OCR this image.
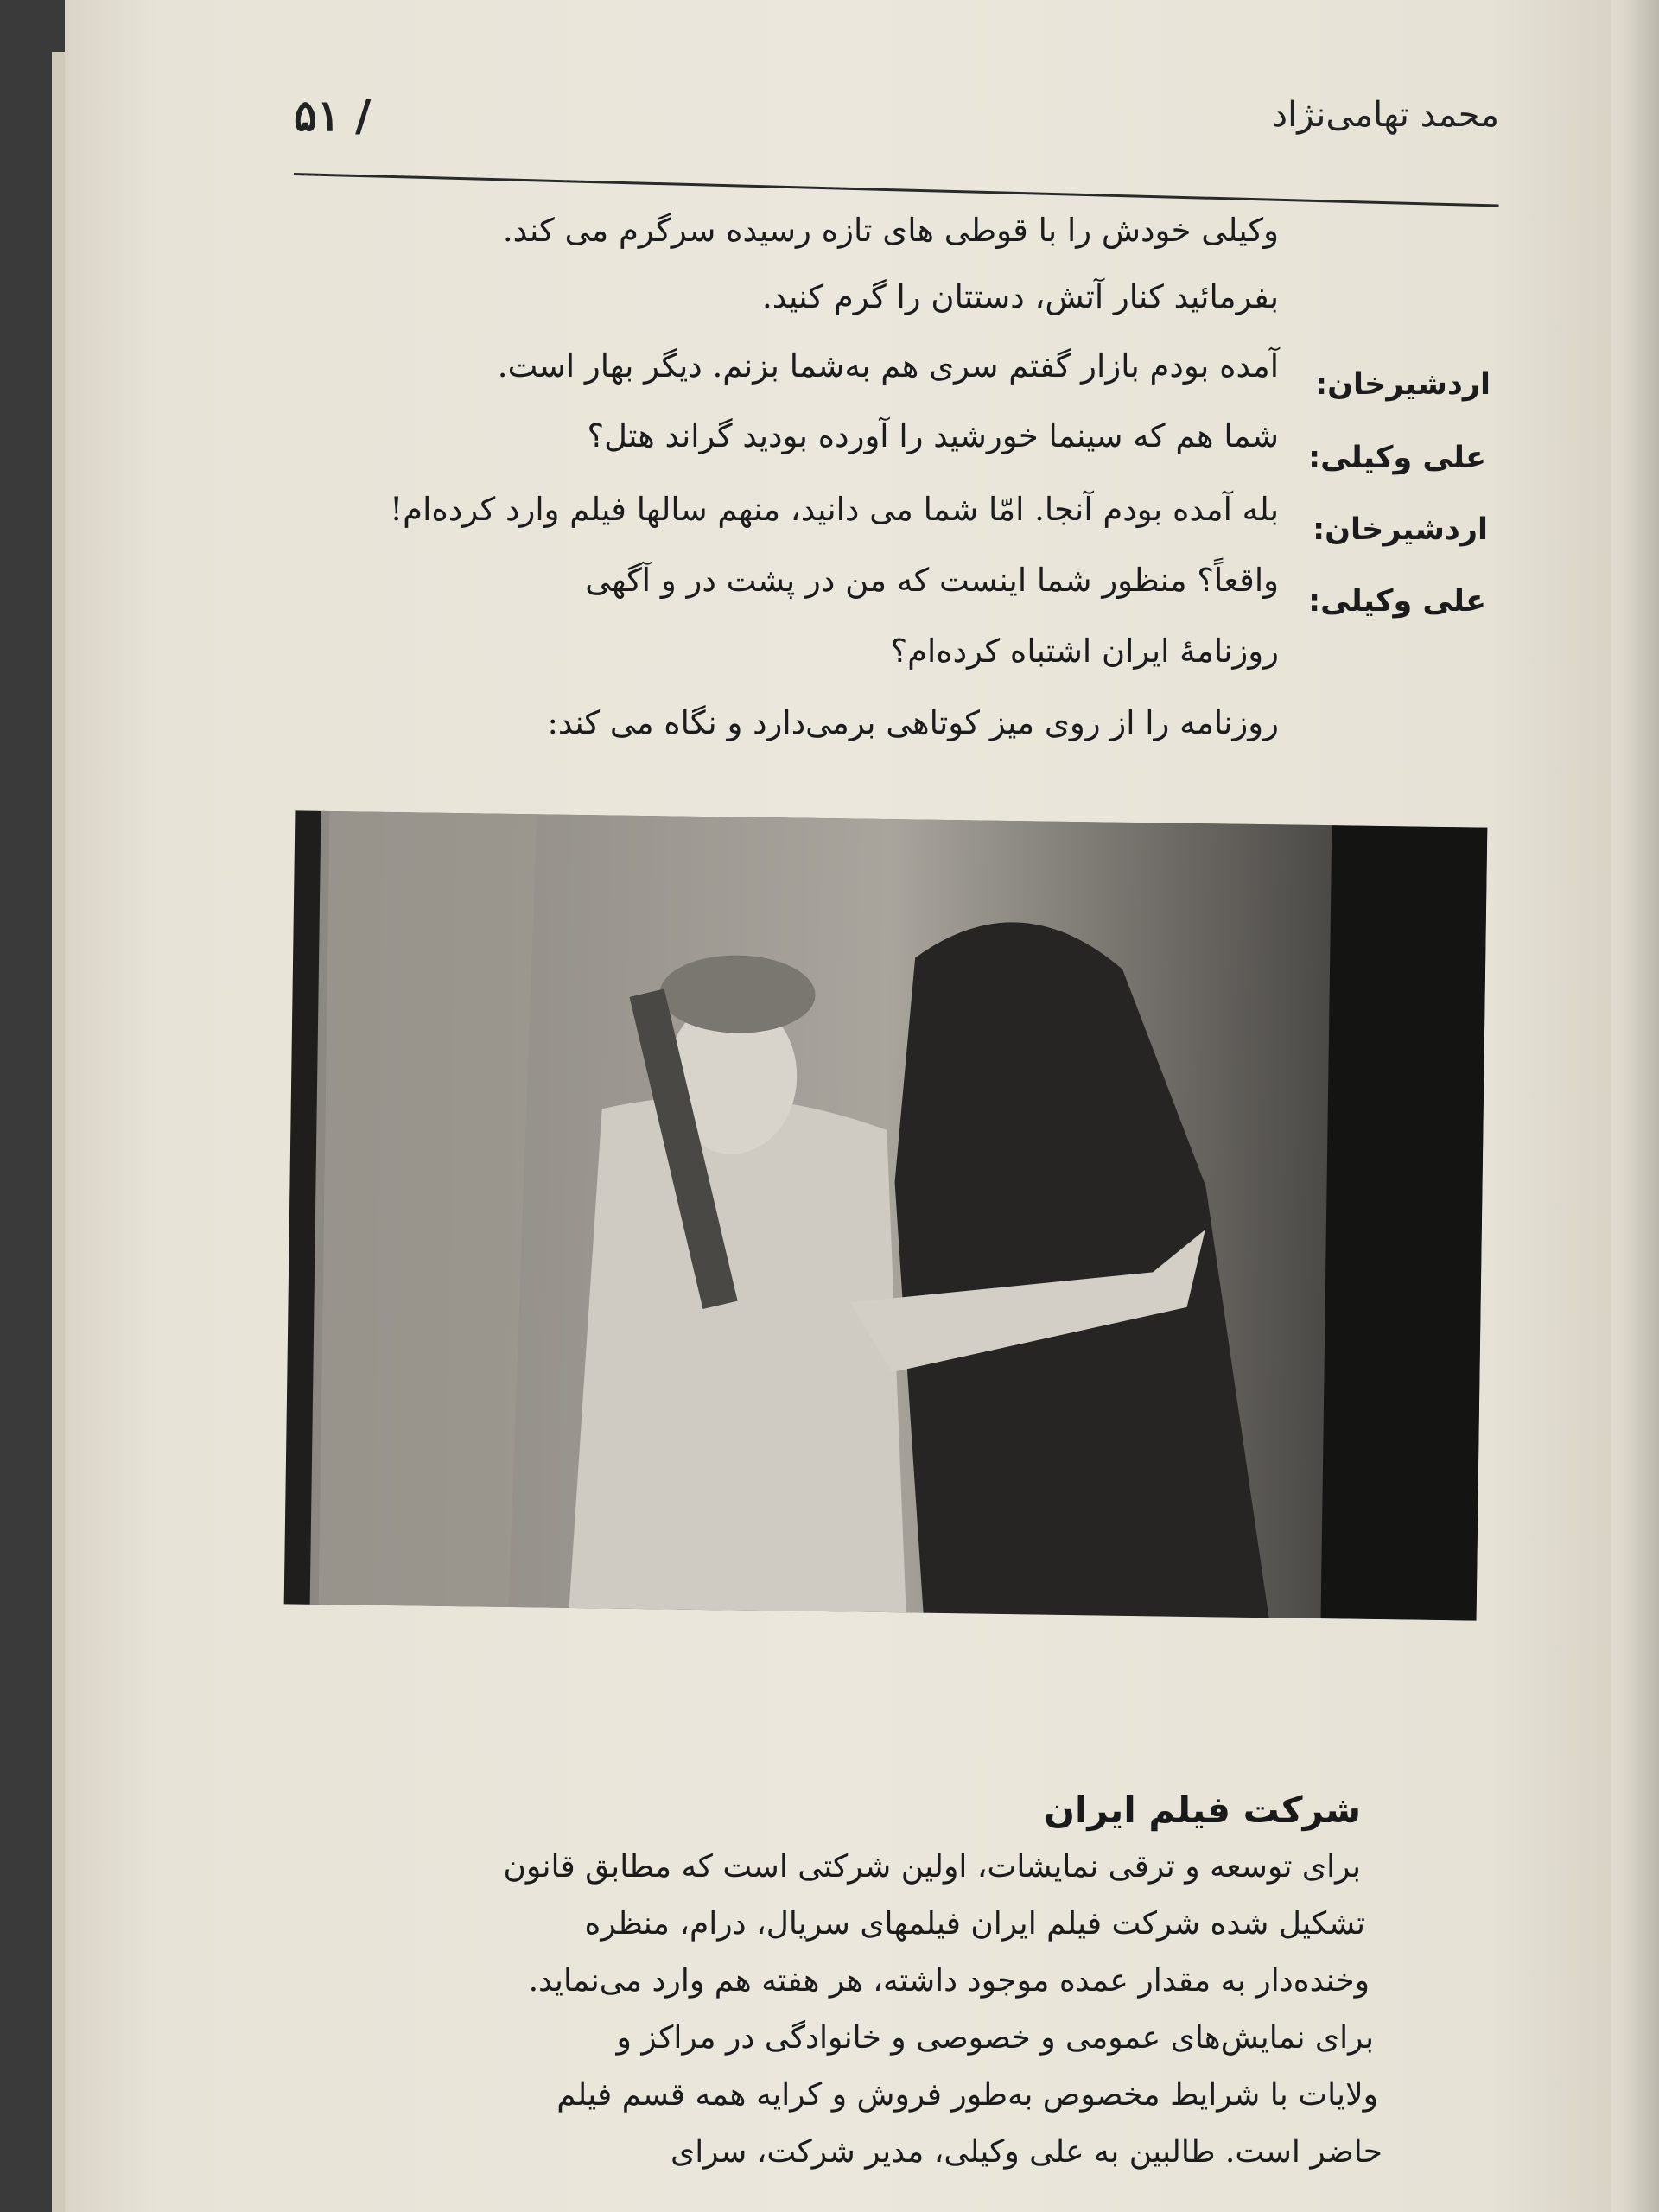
محمد تهامی‌نژاد
/ ۵۱
وکیلی خودش را با قوطی های تازه رسیده سرگرم می کند.
بفرمائید کنار آتش، دستتان را گرم کنید.
آمده بودم بازار گفتم سری هم به‌شما بزنم. دیگر بهار است.
شما هم که سینما خورشید را آورده بودید گراند هتل؟
بله آمده بودم آنجا. امّا شما می دانید، منهم سالها فیلم وارد کرده‌ام!
واقعاً؟ منظور شما اینست که من در پشت در و آگهی
روزنامهٔ ایران اشتباه کرده‌ام؟
روزنامه را از روی میز کوتاهی برمی‌دارد و نگاه می کند:
اردشیرخان:
علی وکیلی:
اردشیرخان:
علی وکیلی:
شرکت فیلم ایران
برای توسعه و ترقی نمایشات، اولین شرکتی است که مطابق قانون
تشکیل شده شرکت فیلم ایران فیلمهای سریال، درام، منظره
وخنده‌دار به مقدار عمده موجود داشته، هر هفته هم وارد می‌نماید.
برای نمایش‌های عمومی و خصوصی و خانوادگی در مراکز و
ولایات با شرایط مخصوص به‌طور فروش و کرایه همه قسم فیلم
حاضر است. طالبین به علی وکیلی، مدیر شرکت، سرای
